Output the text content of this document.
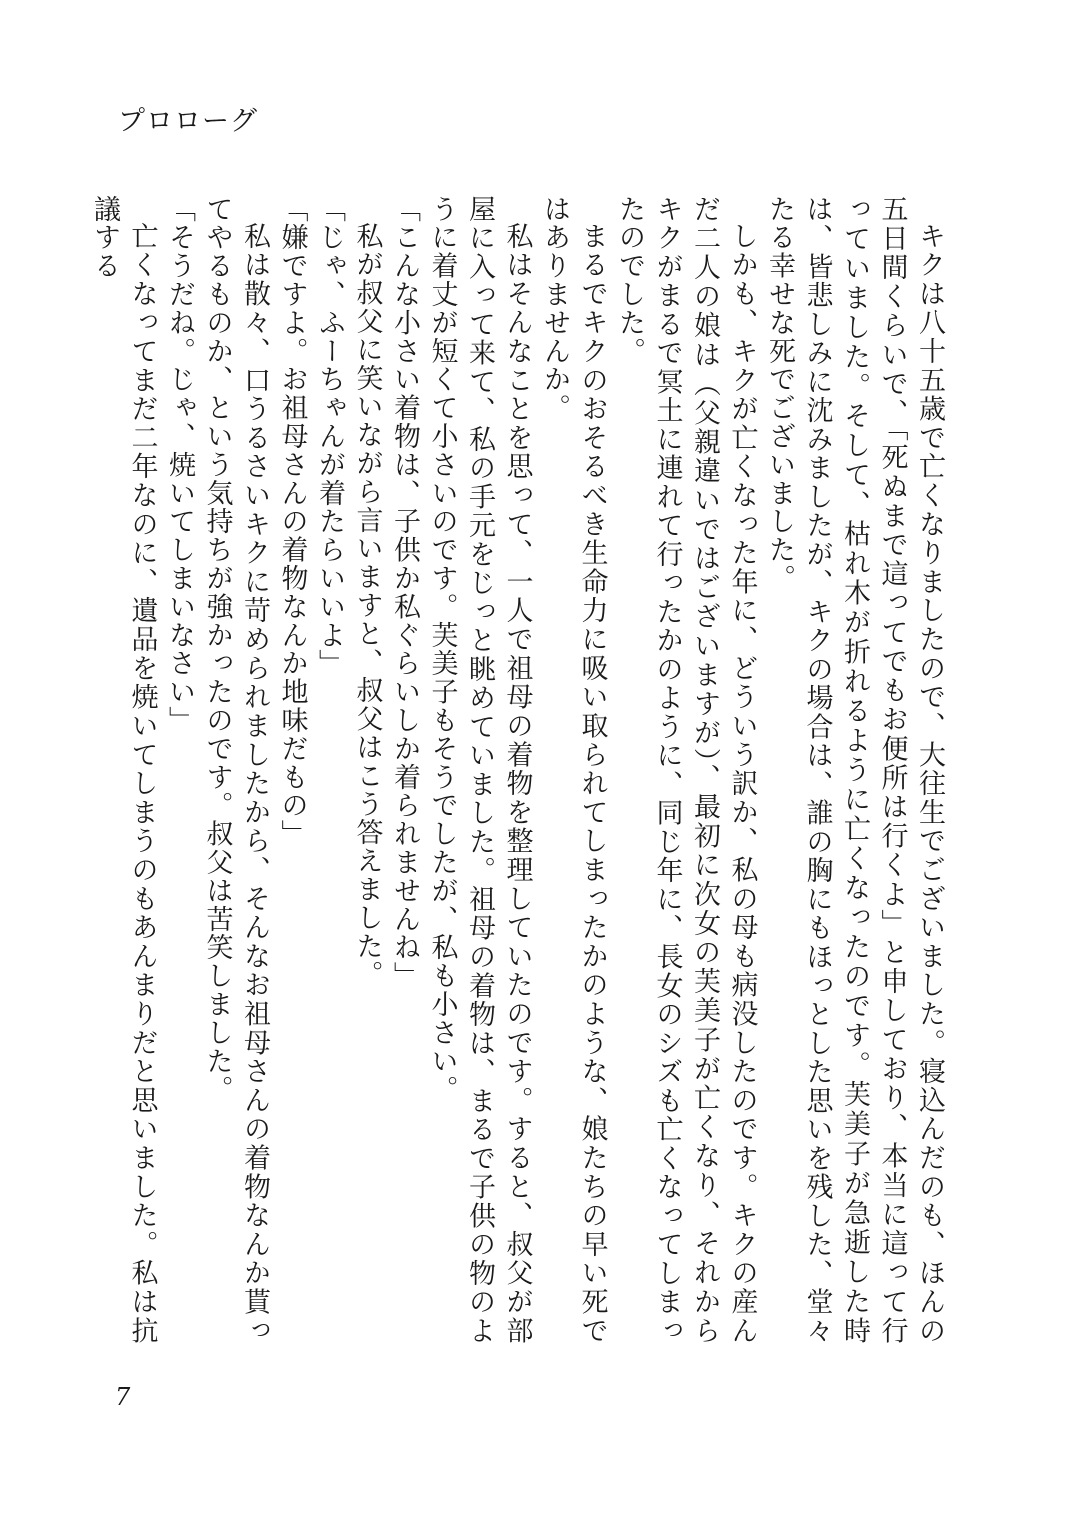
プロローグ

キクは八十五歳で亡くなりましたので、大往生でございました。寝込んだのも、ほんの五日間くらいで、「死ぬまで這ってでもお便所は行くよ」と申しており、本当に這って行っていました。そして、枯れ木が折れるように亡くなったのです。芙美子が急逝した時は、皆悲しみに沈みましたが、キクの場合は、誰の胸にもほっとした思いを残した、堂々たる幸せな死でございました。

しかも、キクが亡くなった年に、どういう訳か、私の母も病没したのです。キクの産んだ二人の娘は（父親違いではございますが）、最初に次女の芙美子が亡くなり、それからキクがまるで冥土に連れて行ったかのように、同じ年に、長女のシズも亡くなってしまったのでした。

まるでキクのおそるべき生命力に吸い取られてしまったかのような、娘たちの早い死ではありませんか。

私はそんなことを思って、一人で祖母の着物を整理していたのです。すると、叔父が部屋に入って来て、私の手元をじっと眺めていました。祖母の着物は、まるで子供の物のように着丈が短くて小さいのです。芙美子もそうでしたが、私も小さい。

「こんな小さい着物は、子供か私ぐらいしか着られませんね」

私が叔父に笑いながら言いますと、叔父はこう答えました。

「じゃ、ふーちゃんが着たらいいよ」

「嫌ですよ。お祖母さんの着物なんか地味だもの」

私は散々、口うるさいキクに苛められましたから、そんなお祖母さんの着物なんか貰ってやるものか、という気持ちが強かったのです。叔父は苦笑しました。

「そうだね。じゃ、焼いてしまいなさい」

亡くなってまだ二年なのに、遺品を焼いてしまうのもあんまりだと思いました。私は抗議する

7
